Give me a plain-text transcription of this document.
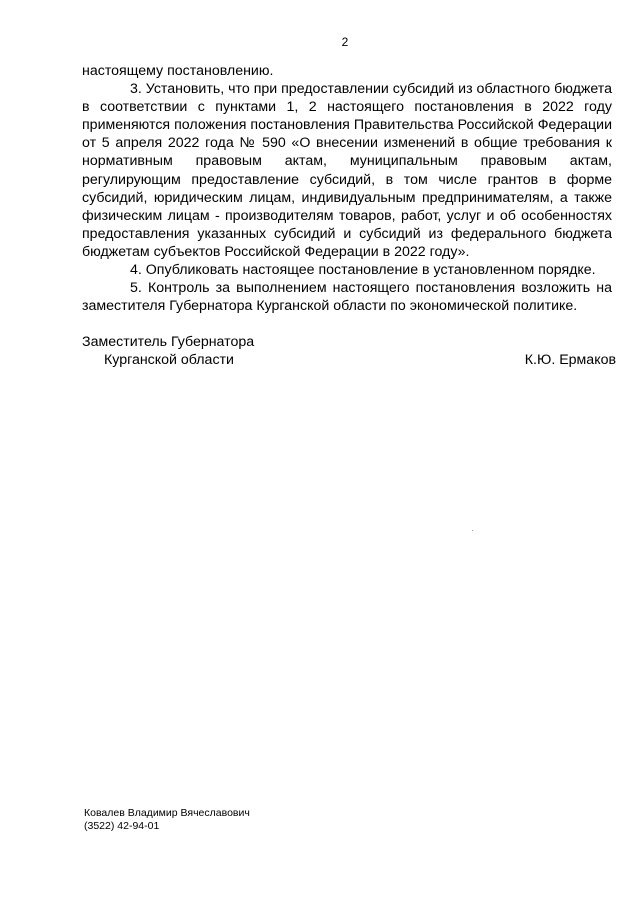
2

настоящему постановлению.

3. Установить, что при предоставлении субсидий из областного бюджета в соответствии с пунктами 1, 2 настоящего постановления в 2022 году применяются положения постановления Правительства Российской Федерации от 5 апреля 2022 года № 590 «О внесении изменений в общие требования к нормативным правовым актам, муниципальным правовым актам, регулирующим предоставление субсидий, в том числе грантов в форме субсидий, юридическим лицам, индивидуальным предпринимателям, а также физическим лицам - производителям товаров, работ, услуг и об особенностях предоставления указанных субсидий и субсидий из федерального бюджета бюджетам субъектов Российской Федерации в 2022 году».

4. Опубликовать настоящее постановление в установленном порядке.

5. Контроль за выполнением настоящего постановления возложить на заместителя Губернатора Курганской области по экономической политике.

Заместитель Губернатора
Курганской области	К.Ю. Ермаков
Ковалев Владимир Вячеславович
(3522) 42-94-01
